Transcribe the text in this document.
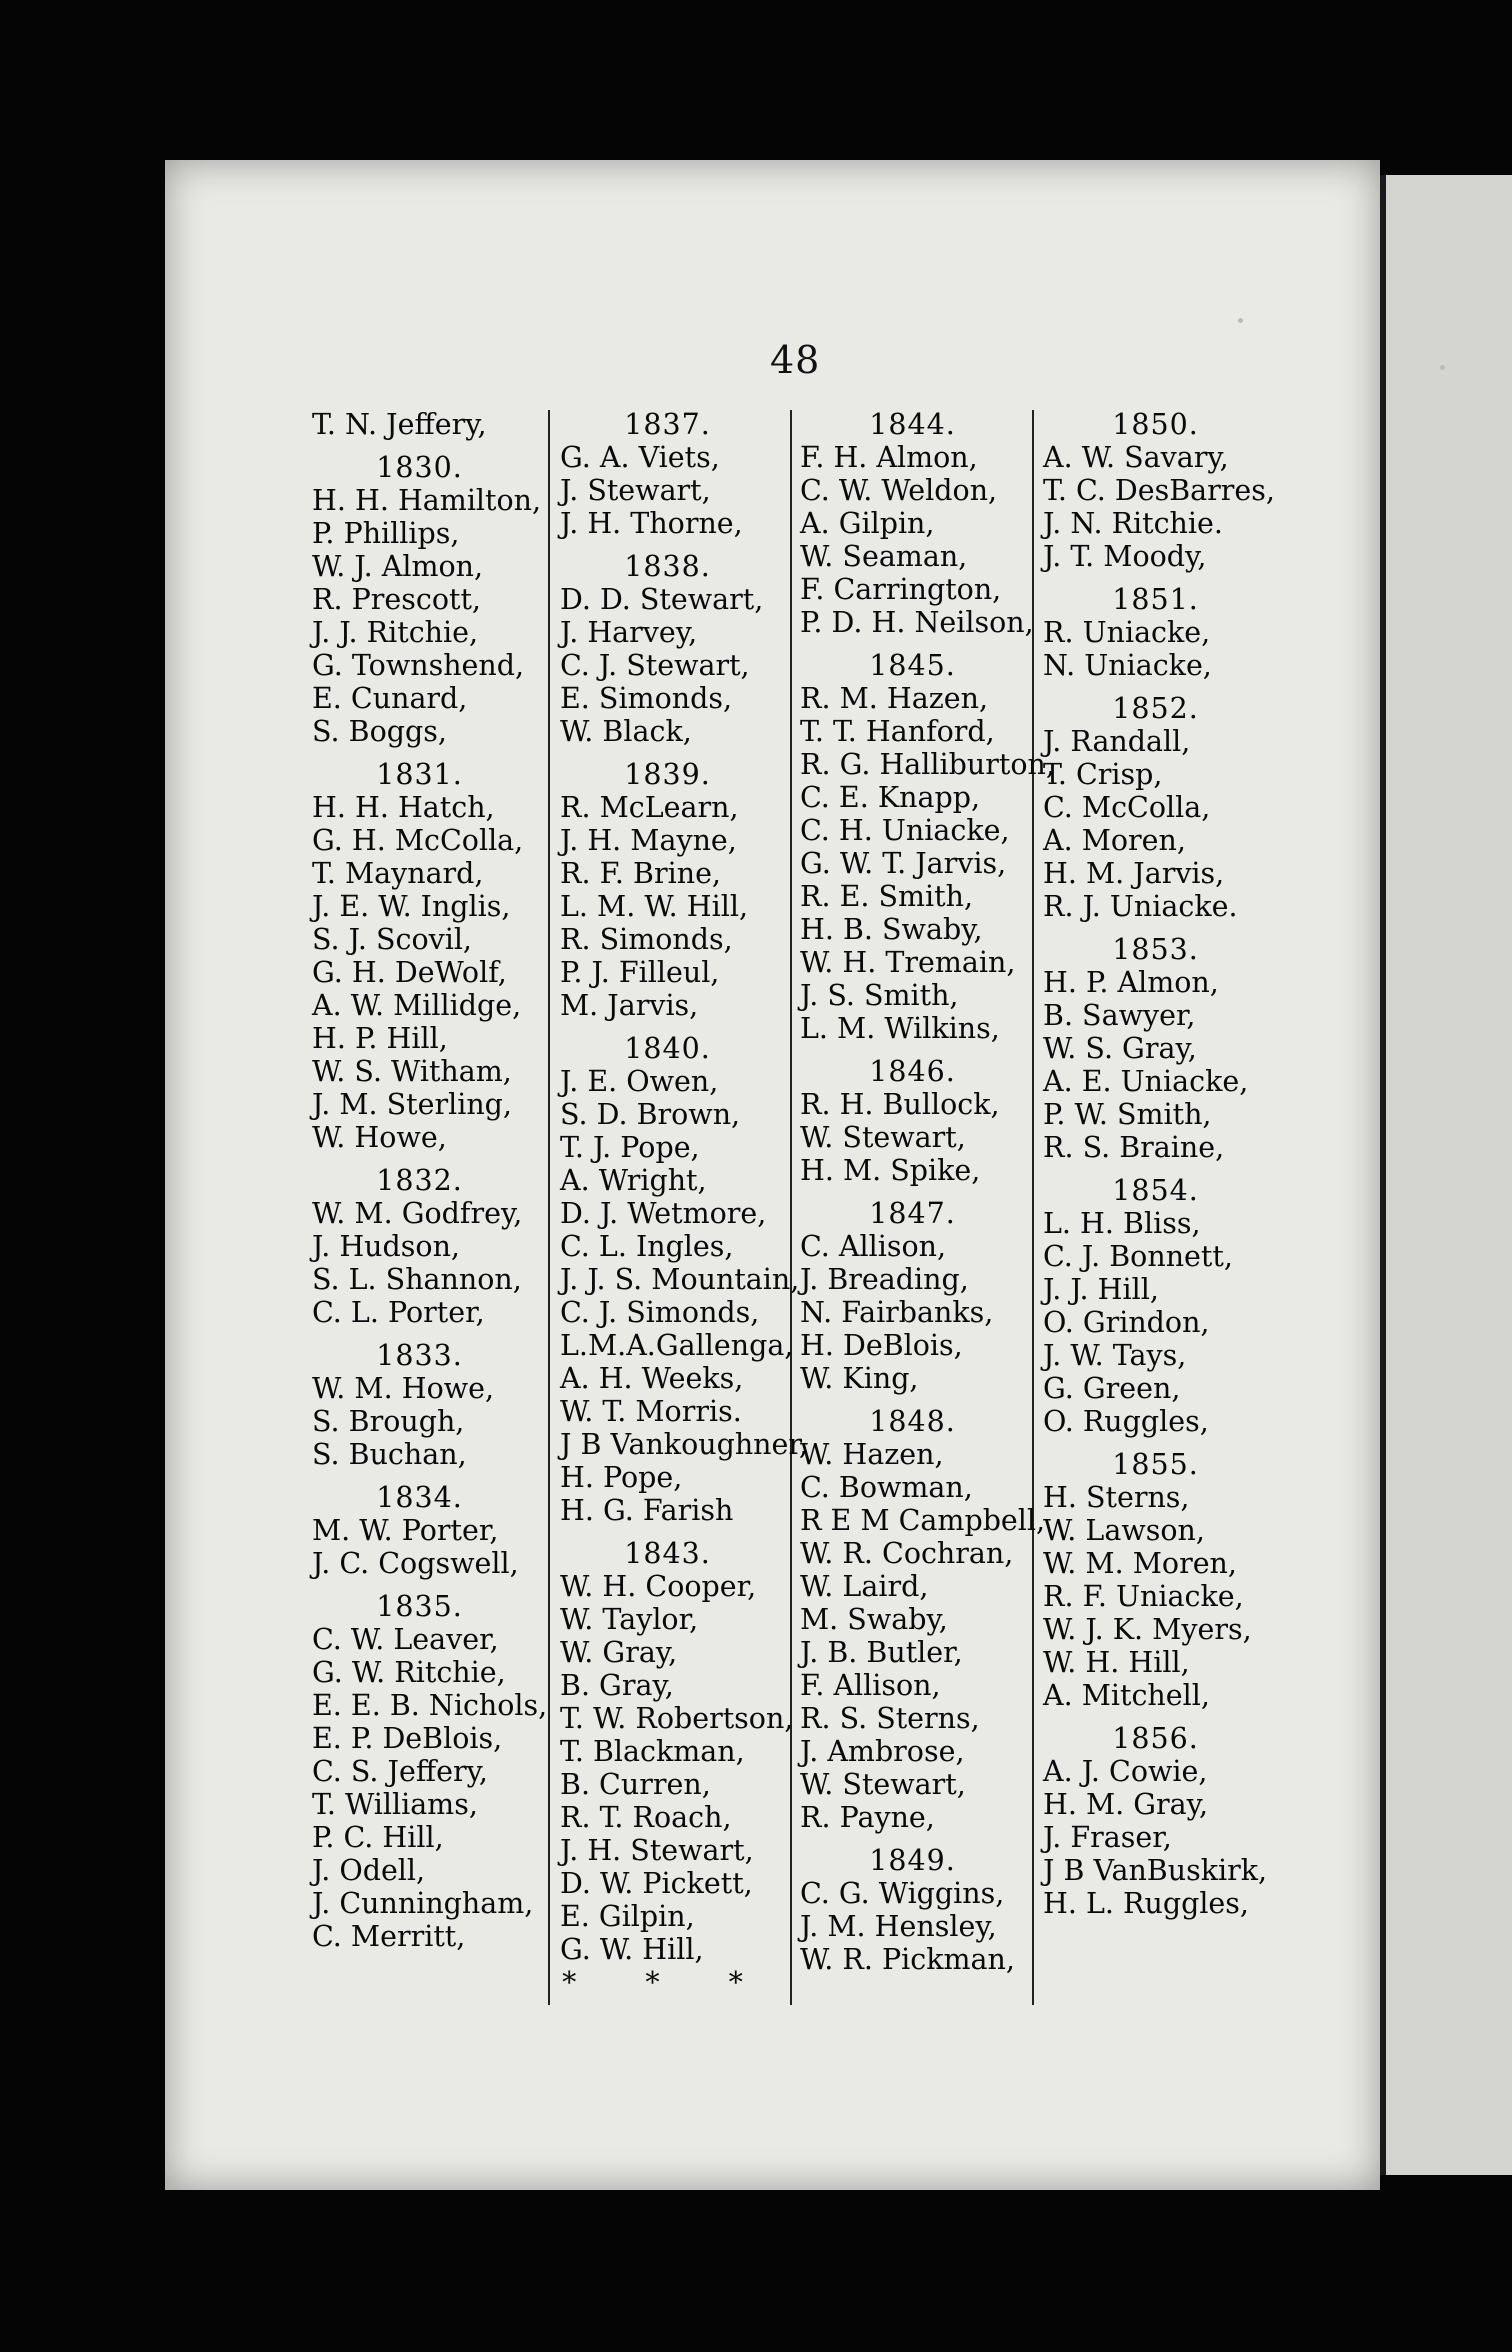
48
T. N. Jeffery,
1830.
H. H. Hamilton,
P. Phillips,
W. J. Almon,
R. Prescott,
J. J. Ritchie,
G. Townshend,
E. Cunard,
S. Boggs,
1831.
H. H. Hatch,
G. H. McColla,
T. Maynard,
J. E. W. Inglis,
S. J. Scovil,
G. H. DeWolf,
A. W. Millidge,
H. P. Hill,
W. S. Witham,
J. M. Sterling,
W. Howe,
1832.
W. M. Godfrey,
J. Hudson,
S. L. Shannon,
C. L. Porter,
1833.
W. M. Howe,
S. Brough,
S. Buchan,
1834.
M. W. Porter,
J. C. Cogswell,
1835.
C. W. Leaver,
G. W. Ritchie,
E. E. B. Nichols,
E. P. DeBlois,
C. S. Jeffery,
T. Williams,
P. C. Hill,
J. Odell,
J. Cunningham,
C. Merritt,
1837.
G. A. Viets,
J. Stewart,
J. H. Thorne,
1838.
D. D. Stewart,
J. Harvey,
C. J. Stewart,
E. Simonds,
W. Black,
1839.
R. McLearn,
J. H. Mayne,
R. F. Brine,
L. M. W. Hill,
R. Simonds,
P. J. Filleul,
M. Jarvis,
1840.
J. E. Owen,
S. D. Brown,
T. J. Pope,
A. Wright,
D. J. Wetmore,
C. L. Ingles,
J. J. S. Mountain,
C. J. Simonds,
L.M.A.Gallenga,
A. H. Weeks,
W. T. Morris.
J B Vankoughner,
H. Pope,
H. G. Farish
1843.
W. H. Cooper,
W. Taylor,
W. Gray,
B. Gray,
T. W. Robertson,
T. Blackman,
B. Curren,
R. T. Roach,
J. H. Stewart,
D. W. Pickett,
E. Gilpin,
G. W. Hill,
* * *
1844.
F. H. Almon,
C. W. Weldon,
A. Gilpin,
W. Seaman,
F. Carrington,
P. D. H. Neilson,
1845.
R. M. Hazen,
T. T. Hanford,
R. G. Halliburton,
C. E. Knapp,
C. H. Uniacke,
G. W. T. Jarvis,
R. E. Smith,
H. B. Swaby,
W. H. Tremain,
J. S. Smith,
L. M. Wilkins,
1846.
R. H. Bullock,
W. Stewart,
H. M. Spike,
1847.
C. Allison,
J. Breading,
N. Fairbanks,
H. DeBlois,
W. King,
1848.
W. Hazen,
C. Bowman,
R E M Campbell,
W. R. Cochran,
W. Laird,
M. Swaby,
J. B. Butler,
F. Allison,
R. S. Sterns,
J. Ambrose,
W. Stewart,
R. Payne,
1849.
C. G. Wiggins,
J. M. Hensley,
W. R. Pickman,
1850.
A. W. Savary,
T. C. DesBarres,
J. N. Ritchie.
J. T. Moody,
1851.
R. Uniacke,
N. Uniacke,
1852.
J. Randall,
T. Crisp,
C. McColla,
A. Moren,
H. M. Jarvis,
R. J. Uniacke.
1853.
H. P. Almon,
B. Sawyer,
W. S. Gray,
A. E. Uniacke,
P. W. Smith,
R. S. Braine,
1854.
L. H. Bliss,
C. J. Bonnett,
J. J. Hill,
O. Grindon,
J. W. Tays,
G. Green,
O. Ruggles,
1855.
H. Sterns,
W. Lawson,
W. M. Moren,
R. F. Uniacke,
W. J. K. Myers,
W. H. Hill,
A. Mitchell,
1856.
A. J. Cowie,
H. M. Gray,
J. Fraser,
J B VanBuskirk,
H. L. Ruggles,
